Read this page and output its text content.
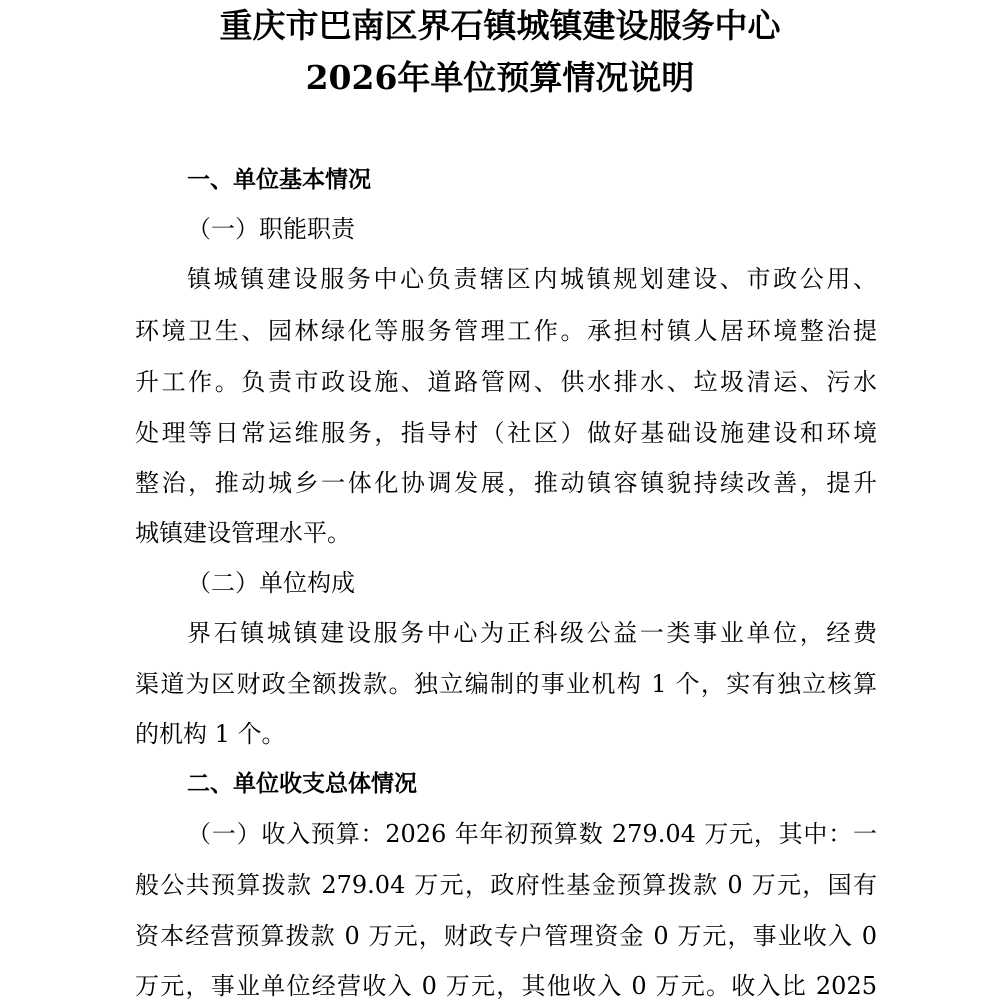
重庆市巴南区界石镇城镇建设服务中心
2026年单位预算情况说明
一、单位基本情况
（一）职能职责
镇城镇建设服务中心负责辖区内城镇规划建设、市政公用、
环境卫生、园林绿化等服务管理工作。承担村镇人居环境整治提
升工作。负责市政设施、道路管网、供水排水、垃圾清运、污水
处理等日常运维服务，指导村（社区）做好基础设施建设和环境
整治，推动城乡一体化协调发展，推动镇容镇貌持续改善，提升
城镇建设管理水平。
（二）单位构成
界石镇城镇建设服务中心为正科级公益一类事业单位，经费
渠道为区财政全额拨款。独立编制的事业机构 1 个，实有独立核算
的机构 1 个。
二、单位收支总体情况
（一）收入预算：2026 年年初预算数 279.04 万元，其中：一
般公共预算拨款 279.04 万元，政府性基金预算拨款 0 万元，国有
资本经营预算拨款 0 万元，财政专户管理资金 0 万元，事业收入 0
万元，事业单位经营收入 0 万元，其他收入 0 万元。收入比 2025
